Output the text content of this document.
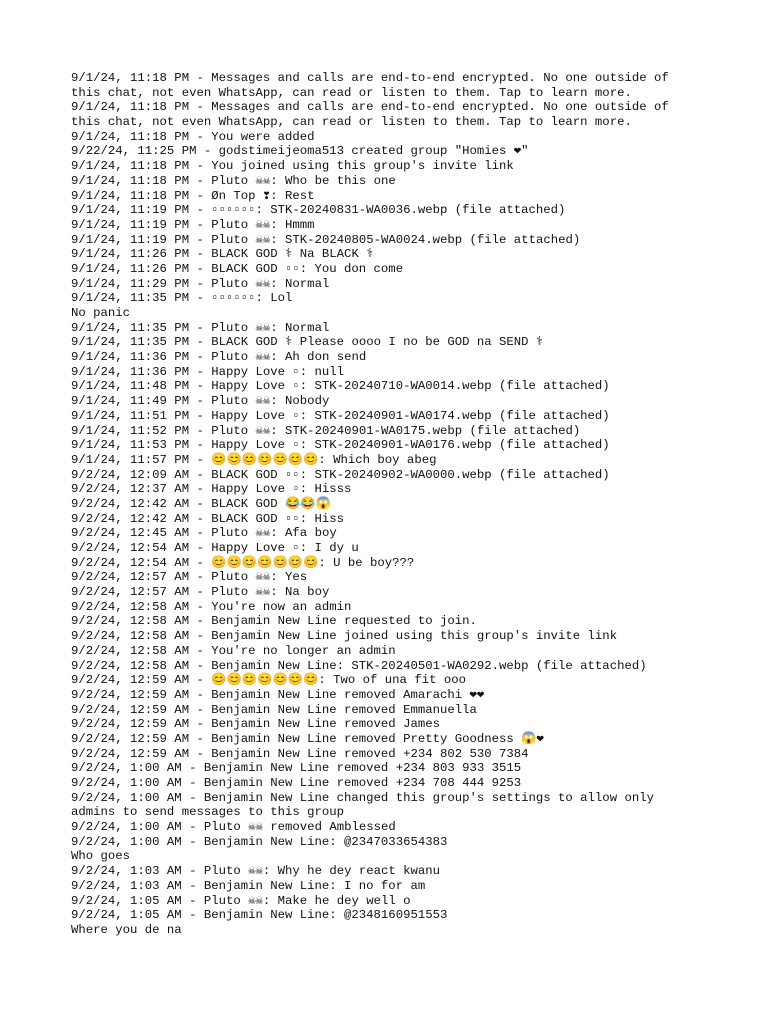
9/1/24, 11:18 PM - Messages and calls are end-to-end encrypted. No one outside of
this chat, not even WhatsApp, can read or listen to them. Tap to learn more.
9/1/24, 11:18 PM - Messages and calls are end-to-end encrypted. No one outside of
this chat, not even WhatsApp, can read or listen to them. Tap to learn more.
9/1/24, 11:18 PM - You were added
9/22/24, 11:25 PM - godstimeijeoma513 created group "Homies ❤"
9/1/24, 11:18 PM - You joined using this group's invite link
9/1/24, 11:18 PM - Pluto ☠☠: Who be this one
9/1/24, 11:18 PM - Øn Top ❣: Rest
9/1/24, 11:19 PM - ▫▫▫▫▫▫: STK-20240831-WA0036.webp (file attached)
9/1/24, 11:19 PM - Pluto ☠☠: Hmmm
9/1/24, 11:19 PM - Pluto ☠☠: STK-20240805-WA0024.webp (file attached)
9/1/24, 11:26 PM - BLACK GOD ⚕ Na BLACK ⚕
9/1/24, 11:26 PM - BLACK GOD ▫▫: You don come
9/1/24, 11:29 PM - Pluto ☠☠: Normal
9/1/24, 11:35 PM - ▫▫▫▫▫▫: Lol
No panic
9/1/24, 11:35 PM - Pluto ☠☠: Normal
9/1/24, 11:35 PM - BLACK GOD ⚕ Please oooo I no be GOD na SEND ⚕
9/1/24, 11:36 PM - Pluto ☠☠: Ah don send
9/1/24, 11:36 PM - Happy Love ▫: null
9/1/24, 11:48 PM - Happy Love ▫: STK-20240710-WA0014.webp (file attached)
9/1/24, 11:49 PM - Pluto ☠☠: Nobody
9/1/24, 11:51 PM - Happy Love ▫: STK-20240901-WA0174.webp (file attached)
9/1/24, 11:52 PM - Pluto ☠☠: STK-20240901-WA0175.webp (file attached)
9/1/24, 11:53 PM - Happy Love ▫: STK-20240901-WA0176.webp (file attached)
9/1/24, 11:57 PM - 😊😊😊😊😊😊😊: Which boy abeg
9/2/24, 12:09 AM - BLACK GOD ▫▫: STK-20240902-WA0000.webp (file attached)
9/2/24, 12:37 AM - Happy Love ▫: Hisss
9/2/24, 12:42 AM - BLACK GOD 😂😂😱
9/2/24, 12:42 AM - BLACK GOD ▫▫: Hiss
9/2/24, 12:45 AM - Pluto ☠☠: Afa boy
9/2/24, 12:54 AM - Happy Love ▫: I dy u
9/2/24, 12:54 AM - 😊😊😊😊😊😊😊: U be boy???
9/2/24, 12:57 AM - Pluto ☠☠: Yes
9/2/24, 12:57 AM - Pluto ☠☠: Na boy
9/2/24, 12:58 AM - You're now an admin
9/2/24, 12:58 AM - Benjamin New Line requested to join.
9/2/24, 12:58 AM - Benjamin New Line joined using this group's invite link
9/2/24, 12:58 AM - You're no longer an admin
9/2/24, 12:58 AM - Benjamin New Line: STK-20240501-WA0292.webp (file attached)
9/2/24, 12:59 AM - 😊😊😊😊😊😊😊: Two of una fit ooo
9/2/24, 12:59 AM - Benjamin New Line removed Amarachi ❤❤
9/2/24, 12:59 AM - Benjamin New Line removed Emmanuella
9/2/24, 12:59 AM - Benjamin New Line removed James
9/2/24, 12:59 AM - Benjamin New Line removed Pretty Goodness 😱❤
9/2/24, 12:59 AM - Benjamin New Line removed +234 802 530 7384
9/2/24, 1:00 AM - Benjamin New Line removed +234 803 933 3515
9/2/24, 1:00 AM - Benjamin New Line removed +234 708 444 9253
9/2/24, 1:00 AM - Benjamin New Line changed this group's settings to allow only
admins to send messages to this group
9/2/24, 1:00 AM - Pluto ☠☠ removed Amblessed
9/2/24, 1:00 AM - Benjamin New Line: @2347033654383
Who goes
9/2/24, 1:03 AM - Pluto ☠☠: Why he dey react kwanu
9/2/24, 1:03 AM - Benjamin New Line: I no for am
9/2/24, 1:05 AM - Pluto ☠☠: Make he dey well o
9/2/24, 1:05 AM - Benjamin New Line: @2348160951553
Where you de na
